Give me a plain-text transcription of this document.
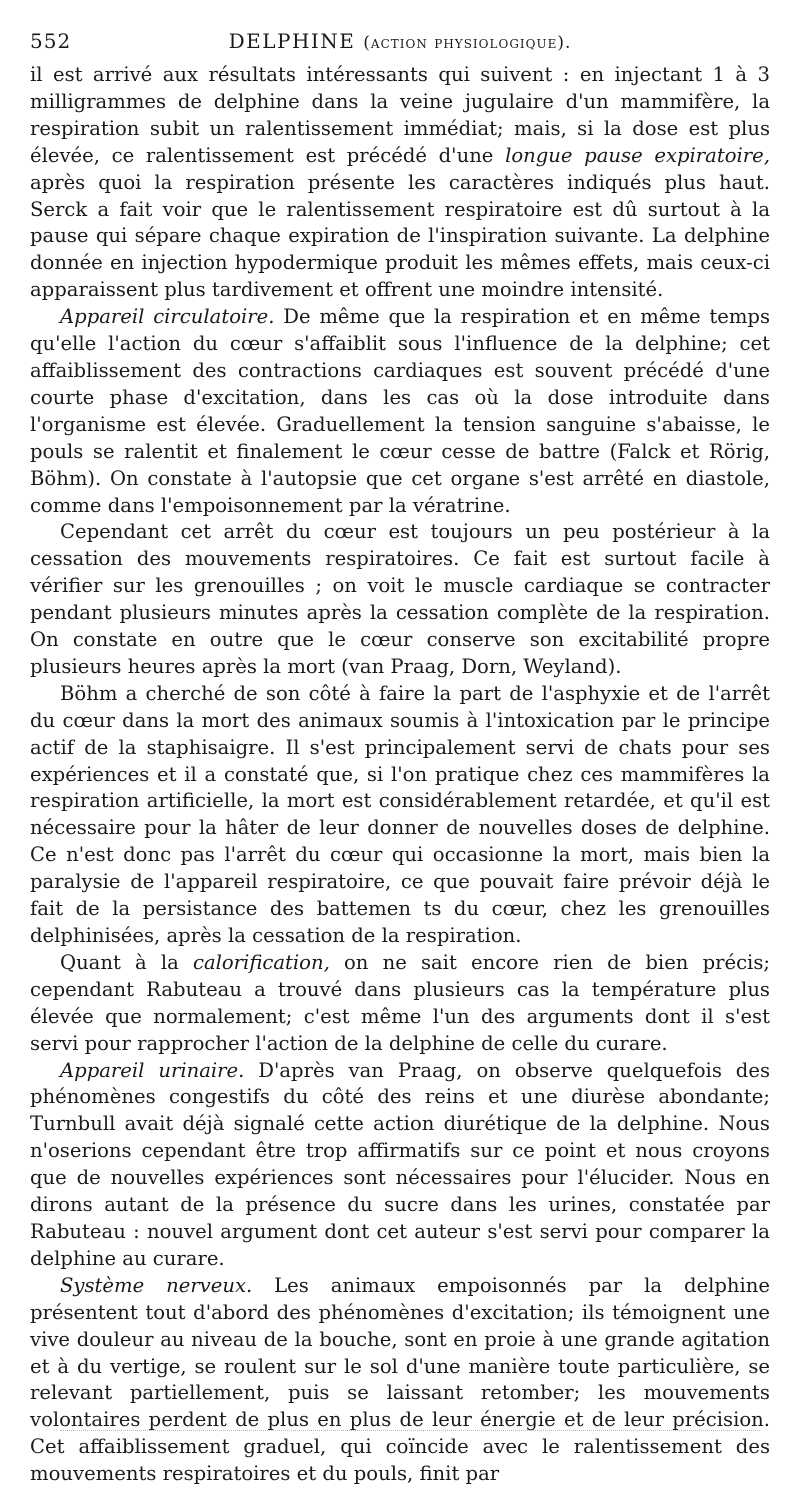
552	DELPHINE (action physiologique).

il est arrivé aux résultats intéressants qui suivent : en injectant 1 à 3 milligrammes de delphine dans la veine jugulaire d'un mammifère, la respiration subit un ralentissement immédiat; mais, si la dose est plus élevée, ce ralentissement est précédé d'une longue pause expiratoire, après quoi la respiration présente les caractères indiqués plus haut. Serck a fait voir que le ralentissement respiratoire est dû surtout à la pause qui sépare chaque expiration de l'inspiration suivante. La delphine donnée en injection hypodermique produit les mêmes effets, mais ceux-ci apparaissent plus tardivement et offrent une moindre intensité.

Appareil circulatoire. De même que la respiration et en même temps qu'elle l'action du cœur s'affaiblit sous l'influence de la delphine; cet affaiblissement des contractions cardiaques est souvent précédé d'une courte phase d'excitation, dans les cas où la dose introduite dans l'organisme est élevée. Graduellement la tension sanguine s'abaisse, le pouls se ralentit et finalement le cœur cesse de battre (Falck et Rörig, Böhm). On constate à l'autopsie que cet organe s'est arrêté en diastole, comme dans l'empoisonnement par la vératrine.

Cependant cet arrêt du cœur est toujours un peu postérieur à la cessation des mouvements respiratoires. Ce fait est surtout facile à vérifier sur les grenouilles ; on voit le muscle cardiaque se contracter pendant plusieurs minutes après la cessation complète de la respiration. On constate en outre que le cœur conserve son excitabilité propre plusieurs heures après la mort (van Praag, Dorn, Weyland).

Böhm a cherché de son côté à faire la part de l'asphyxie et de l'arrêt du cœur dans la mort des animaux soumis à l'intoxication par le principe actif de la staphisaigre. Il s'est principalement servi de chats pour ses expériences et il a constaté que, si l'on pratique chez ces mammifères la respiration artificielle, la mort est considérablement retardée, et qu'il est nécessaire pour la hâter de leur donner de nouvelles doses de delphine. Ce n'est donc pas l'arrêt du cœur qui occasionne la mort, mais bien la paralysie de l'appareil respiratoire, ce que pouvait faire prévoir déjà le fait de la persistance des battemen ts du cœur, chez les grenouilles delphinisées, après la cessation de la respiration.

Quant à la calorification, on ne sait encore rien de bien précis; cependant Rabuteau a trouvé dans plusieurs cas la température plus élevée que normalement; c'est même l'un des arguments dont il s'est servi pour rapprocher l'action de la delphine de celle du curare.

Appareil urinaire. D'après van Praag, on observe quelquefois des phénomènes congestifs du côté des reins et une diurèse abondante; Turnbull avait déjà signalé cette action diurétique de la delphine. Nous n'oserions cependant être trop affirmatifs sur ce point et nous croyons que de nouvelles expériences sont nécessaires pour l'élucider. Nous en dirons autant de la présence du sucre dans les urines, constatée par Rabuteau : nouvel argument dont cet auteur s'est servi pour comparer la delphine au curare.

Système nerveux. Les animaux empoisonnés par la delphine présentent tout d'abord des phénomènes d'excitation; ils témoignent une vive douleur au niveau de la bouche, sont en proie à une grande agitation et à du vertige, se roulent sur le sol d'une manière toute particulière, se relevant partiellement, puis se laissant retomber; les mouvements volontaires perdent de plus en plus de leur énergie et de leur précision. Cet affaiblissement graduel, qui coïncide avec le ralentissement des mouvements respiratoires et du pouls, finit par
